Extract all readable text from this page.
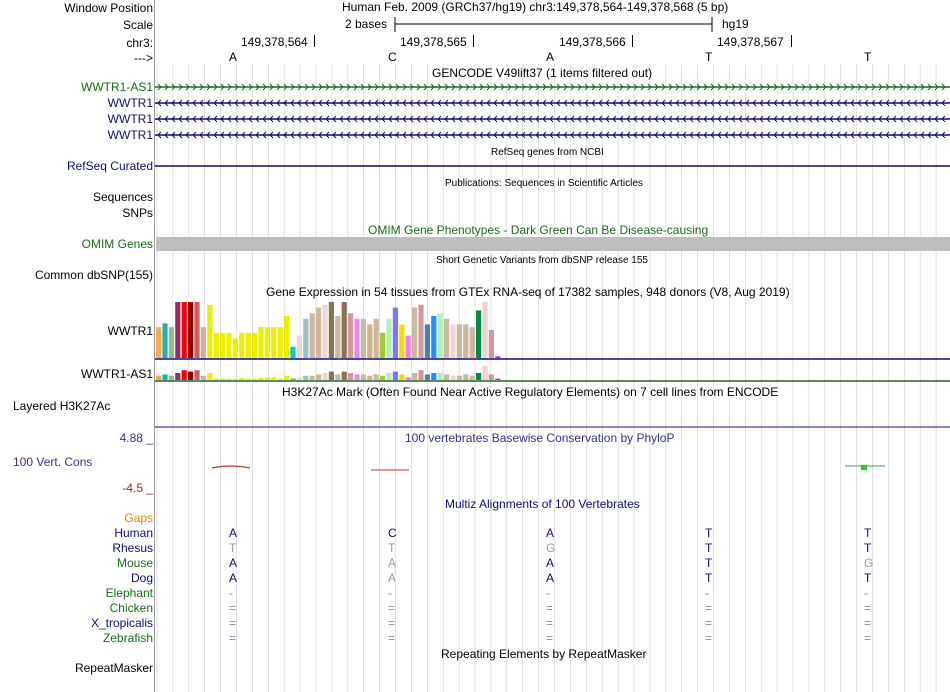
Window Position
Scale
chr3:
--->
Human Feb. 2009 (GRCh37/hg19) chr3:149,378,564-149,378,568 (5 bp)
2 bases	hg19
149,378,564	149,378,565	149,378,566	149,378,567
A	C	A	T	T
GENCODE V49lift37 (1 items filtered out)
WWTR1-AS1
WWTR1
WWTR1
WWTR1
RefSeq genes from NCBI
RefSeq Curated
Publications: Sequences in Scientific Articles
Sequences
SNPs
OMIM Gene Phenotypes - Dark Green Can Be Disease-causing
OMIM Genes
Short Genetic Variants from dbSNP release 155
Common dbSNP(155)
Gene Expression in 54 tissues from GTEx RNA-seq of 17382 samples, 948 donors (V8, Aug 2019)
WWTR1
WWTR1-AS1
H3K27Ac Mark (Often Found Near Active Regulatory Elements) on 7 cell lines from ENCODE
Layered H3K27Ac
100 vertebrates Basewise Conservation by PhyloP
4.88 _
100 Vert. Cons
-4.5 _
Multiz Alignments of 100 Vertebrates
Gaps
Human	A	C	A	T	T
Rhesus	T	T	G	T	T
Mouse	A	A	A	T	G
Dog	A	A	A	T	T
Elephant	-	-	-	-	-
Chicken	=	=	=	=	=
X_tropicalis	=	=	=	=	=
Zebrafish	=	=	=	=	=
Repeating Elements by RepeatMasker
RepeatMasker
